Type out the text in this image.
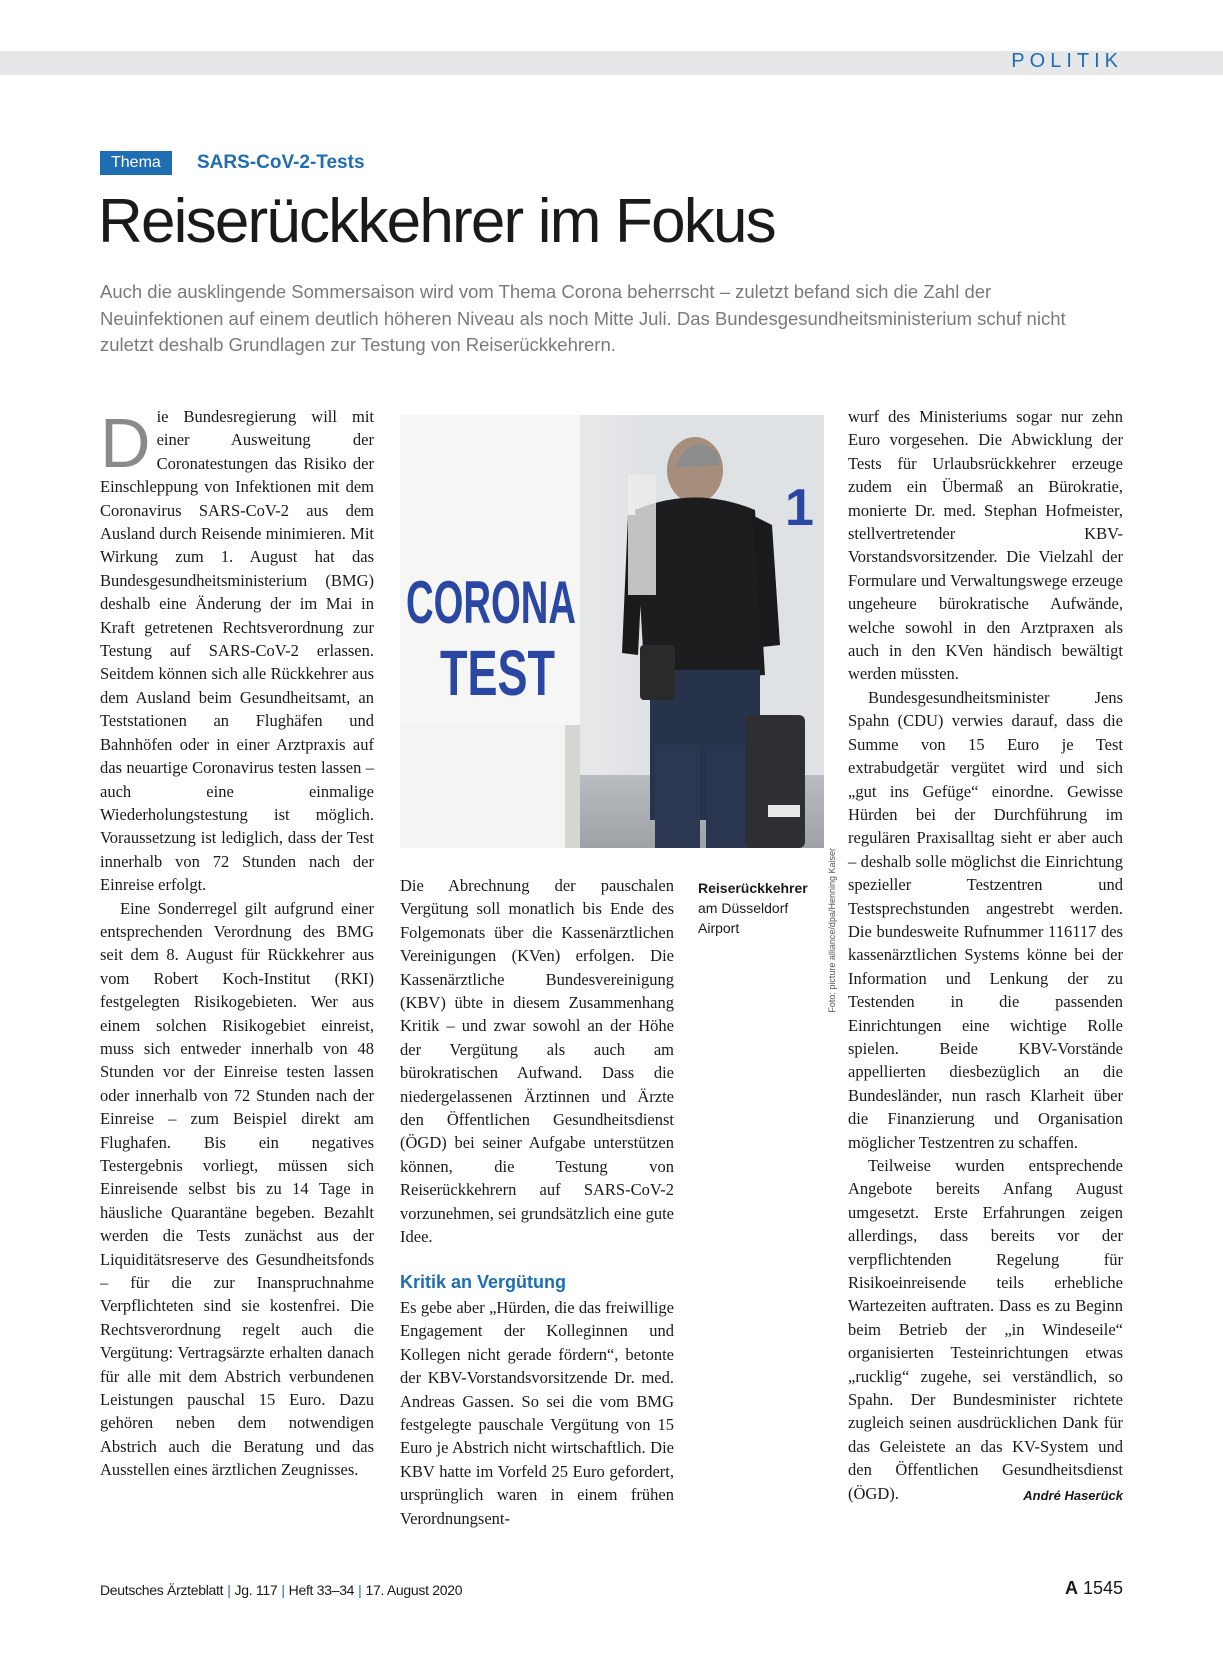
POLITIK
Thema	SARS-CoV-2-Tests
Reiserückkehrer im Fokus
Auch die ausklingende Sommersaison wird vom Thema Corona beherrscht – zuletzt befand sich die Zahl der Neuinfektionen auf einem deutlich höheren Niveau als noch Mitte Juli. Das Bundesgesundheitsministerium schuf nicht zuletzt deshalb Grundlagen zur Testung von Reiserückkehrern.

Die Bundesregierung will mit einer Ausweitung der Coronatestungen das Risiko der Einschleppung von Infektionen mit dem Coronavirus SARS-CoV-2 aus dem Ausland durch Reisende minimieren. Mit Wirkung zum 1. August hat das Bundesgesundheitsministerium (BMG) deshalb eine Änderung der im Mai in Kraft getretenen Rechtsverordnung zur Testung auf SARS-CoV-2 erlassen. Seitdem können sich alle Rückkehrer aus dem Ausland beim Gesundheitsamt, an Teststationen an Flughäfen und Bahnhöfen oder in einer Arztpraxis auf das neuartige Coronavirus testen lassen – auch eine einmalige Wiederholungstestung ist möglich. Voraussetzung ist lediglich, dass der Test innerhalb von 72 Stunden nach der Einreise erfolgt.

Eine Sonderregel gilt aufgrund einer entsprechenden Verordnung des BMG seit dem 8. August für Rückkehrer aus vom Robert Koch-Institut (RKI) festgelegten Risikogebieten. Wer aus einem solchen Risikogebiet einreist, muss sich entweder innerhalb von 48 Stunden vor der Einreise testen lassen oder innerhalb von 72 Stunden nach der Einreise – zum Beispiel direkt am Flughafen. Bis ein negatives Testergebnis vorliegt, müssen sich Einreisende selbst bis zu 14 Tage in häusliche Quarantäne begeben. Bezahlt werden die Tests zunächst aus der Liquiditätsreserve des Gesundheitsfonds – für die zur Inanspruchnahme Verpflichteten sind sie kostenfrei. Die Rechtsverordnung regelt auch die Vergütung: Vertragsärzte erhalten danach für alle mit dem Abstrich verbundenen Leistungen pauschal 15 Euro. Dazu gehören neben dem notwendigen Abstrich auch die Beratung und das Ausstellen eines ärztlichen Zeugnisses.

CORONA
TEST
1
Foto: picture alliance/dpa/Henning Kaiser
Reiserückkehrer
am Düsseldorf Airport

Die Abrechnung der pauschalen Vergütung soll monatlich bis Ende des Folgemonats über die Kassenärztlichen Vereinigungen (KVen) erfolgen. Die Kassenärztliche Bundesvereinigung (KBV) übte in diesem Zusammenhang Kritik – und zwar sowohl an der Höhe der Vergütung als auch am bürokratischen Aufwand. Dass die niedergelassenen Ärztinnen und Ärzte den Öffentlichen Gesundheitsdienst (ÖGD) bei seiner Aufgabe unterstützen können, die Testung von Reiserückkehrern auf SARS-CoV-2 vorzunehmen, sei grundsätzlich eine gute Idee.

Kritik an Vergütung

Es gebe aber „Hürden, die das freiwillige Engagement der Kolleginnen und Kollegen nicht gerade fördern“, betonte der KBV-Vorstandsvorsitzende Dr. med. Andreas Gassen. So sei die vom BMG festgelegte pauschale Vergütung von 15 Euro je Abstrich nicht wirtschaftlich. Die KBV hatte im Vorfeld 25 Euro gefordert, ursprünglich waren in einem frühen Verordnungsent-

wurf des Ministeriums sogar nur zehn Euro vorgesehen. Die Abwicklung der Tests für Urlaubsrückkehrer erzeuge zudem ein Übermaß an Bürokratie, monierte Dr. med. Stephan Hofmeister, stellvertretender KBV-Vorstandsvorsitzender. Die Vielzahl der Formulare und Verwaltungswege erzeuge ungeheure bürokratische Aufwände, welche sowohl in den Arztpraxen als auch in den KVen händisch bewältigt werden müssten.

Bundesgesundheitsminister Jens Spahn (CDU) verwies darauf, dass die Summe von 15 Euro je Test extrabudgetär vergütet wird und sich „gut ins Gefüge“ einordne. Gewisse Hürden bei der Durchführung im regulären Praxisalltag sieht er aber auch – deshalb solle möglichst die Einrichtung spezieller Testzentren und Testsprechstunden angestrebt werden. Die bundesweite Rufnummer 116117 des kassenärztlichen Systems könne bei der Information und Lenkung der zu Testenden in die passenden Einrichtungen eine wichtige Rolle spielen. Beide KBV-Vorstände appellierten diesbezüglich an die Bundesländer, nun rasch Klarheit über die Finanzierung und Organisation möglicher Testzentren zu schaffen.

Teilweise wurden entsprechende Angebote bereits Anfang August umgesetzt. Erste Erfahrungen zeigen allerdings, dass bereits vor der verpflichtenden Regelung für Risikoeinreisende teils erhebliche Wartezeiten auftraten. Dass es zu Beginn beim Betrieb der „in Windeseile“ organisierten Testeinrichtungen etwas „rucklig“ zugehe, sei verständlich, so Spahn. Der Bundesminister richtete zugleich seinen ausdrücklichen Dank für das Geleistete an das KV-System und den Öffentlichen Gesundheitsdienst (ÖGD).	André Haserück

Deutsches Ärzteblatt | Jg. 117 | Heft 33–34 | 17. August 2020	A 1545
